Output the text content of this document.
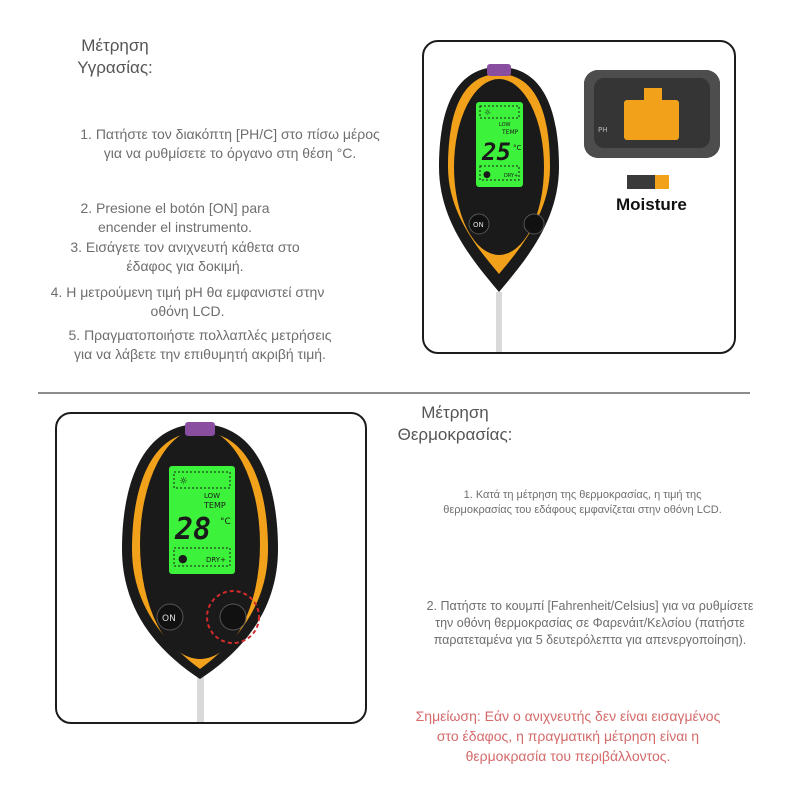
Μέτρηση
Υγρασίας:
1. Πατήστε τον διακόπτη [PH/C] στο πίσω μέρος
για να ρυθμίσετε το όργανο στη θέση °C.
2. Presione el botón [ON] para
encender el instrumento.
3. Εισάγετε τον ανιχνευτή κάθετα στο
έδαφος για δοκιμή.
4. Η μετρούμενη τιμή pH θα εμφανιστεί στην
οθόνη LCD.
5. Πραγματοποιήστε πολλαπλές μετρήσεις
για να λάβετε την επιθυμητή ακριβή τιμή.
☼
LOW
TEMP
25 °C
●	DRY+
ON
PH
Moisture
☼
LOW
TEMP
28 °C
●	DRY+
ON
Μέτρηση
Θερμοκρασίας:
1. Κατά τη μέτρηση της θερμοκρασίας, η τιμή της
θερμοκρασίας του εδάφους εμφανίζεται στην οθόνη LCD.
2. Πατήστε το κουμπί [Fahrenheit/Celsius] για να ρυθμίσετε
την οθόνη θερμοκρασίας σε Φαρενάιτ/Κελσίου (πατήστε
παρατεταμένα για 5 δευτερόλεπτα για απενεργοποίηση).
Σημείωση: Εάν ο ανιχνευτής δεν είναι εισαγμένος
στο έδαφος, η πραγματική μέτρηση είναι η
θερμοκρασία του περιβάλλοντος.
